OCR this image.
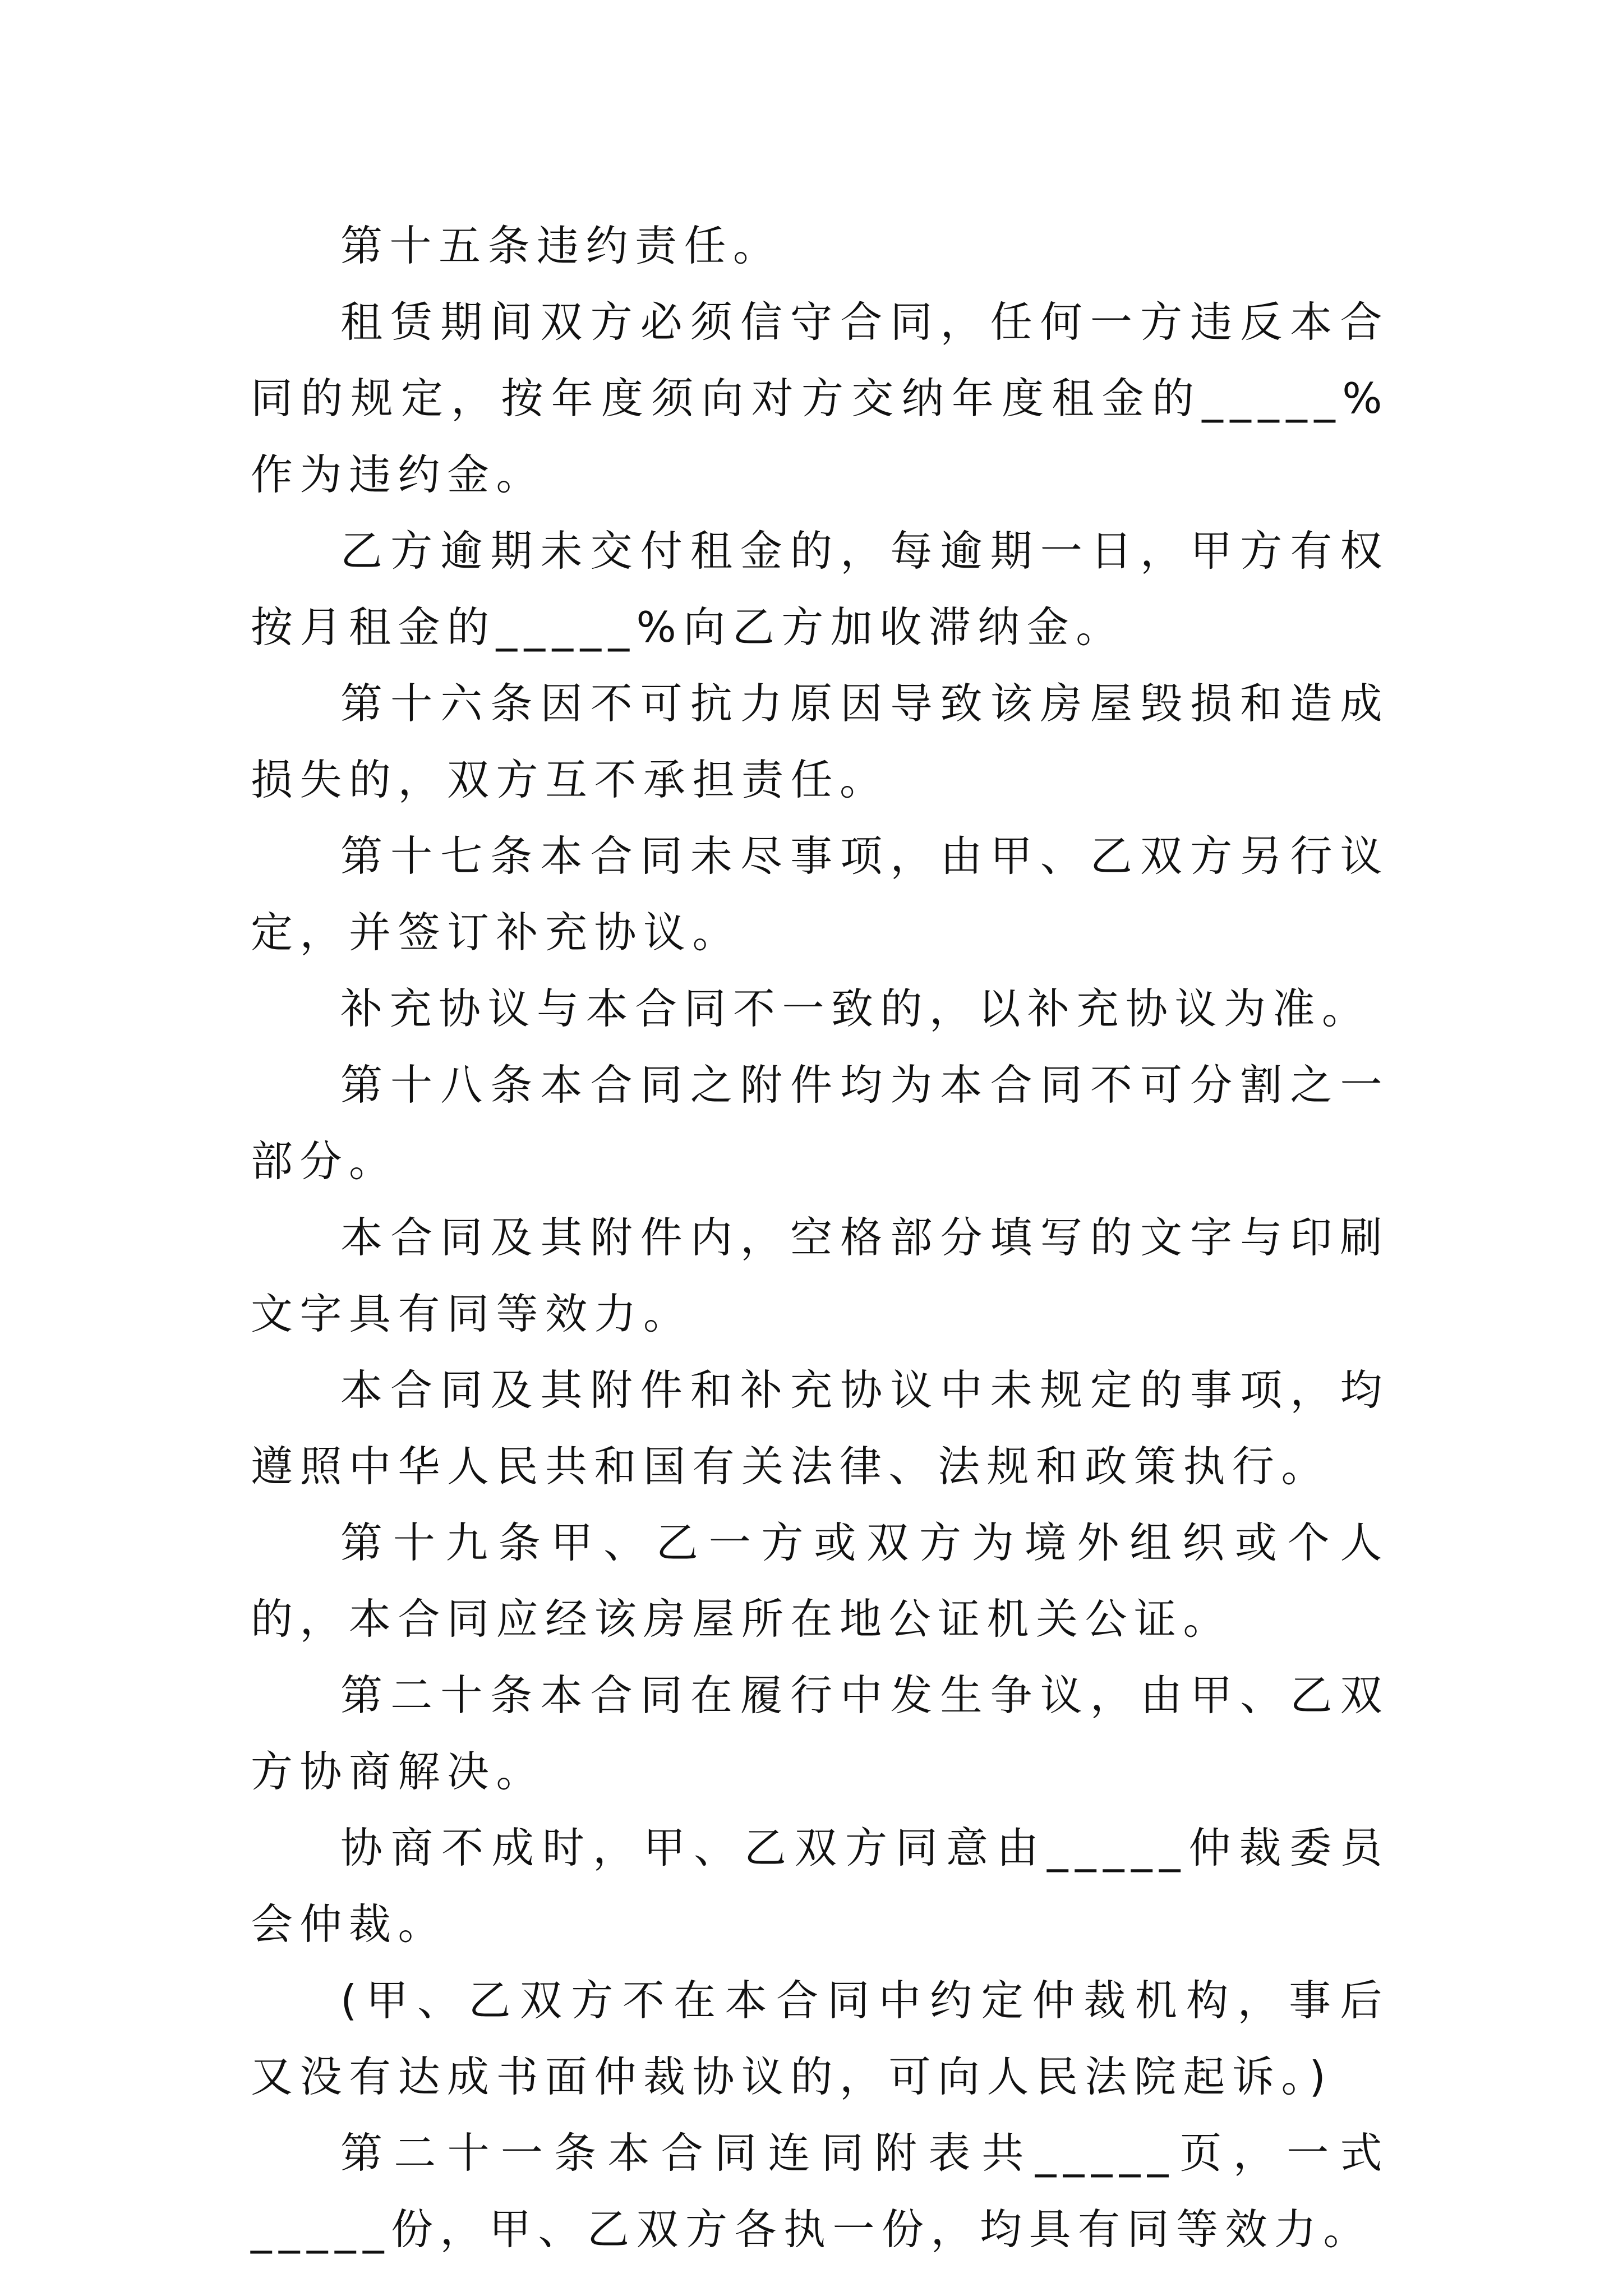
第十五条违约责任。

租赁期间双方必须信守合同，任何一方违反本合同的规定，按年度须向对方交纳年度租金的_____%作为违约金。

乙方逾期未交付租金的，每逾期一日，甲方有权按月租金的_____%向乙方加收滞纳金。

第十六条因不可抗力原因导致该房屋毁损和造成损失的，双方互不承担责任。

第十七条本合同未尽事项，由甲、乙双方另行议定，并签订补充协议。

补充协议与本合同不一致的，以补充协议为准。

第十八条本合同之附件均为本合同不可分割之一部分。

本合同及其附件内，空格部分填写的文字与印刷文字具有同等效力。

本合同及其附件和补充协议中未规定的事项，均遵照中华人民共和国有关法律、法规和政策执行。

第十九条甲、乙一方或双方为境外组织或个人的，本合同应经该房屋所在地公证机关公证。

第二十条本合同在履行中发生争议，由甲、乙双方协商解决。

协商不成时，甲、乙双方同意由_____仲裁委员会仲裁。

(甲、乙双方不在本合同中约定仲裁机构，事后又没有达成书面仲裁协议的，可向人民法院起诉。)

第二十一条本合同连同附表共_____页，一式_____份，甲、乙双方各执一份，均具有同等效力。
